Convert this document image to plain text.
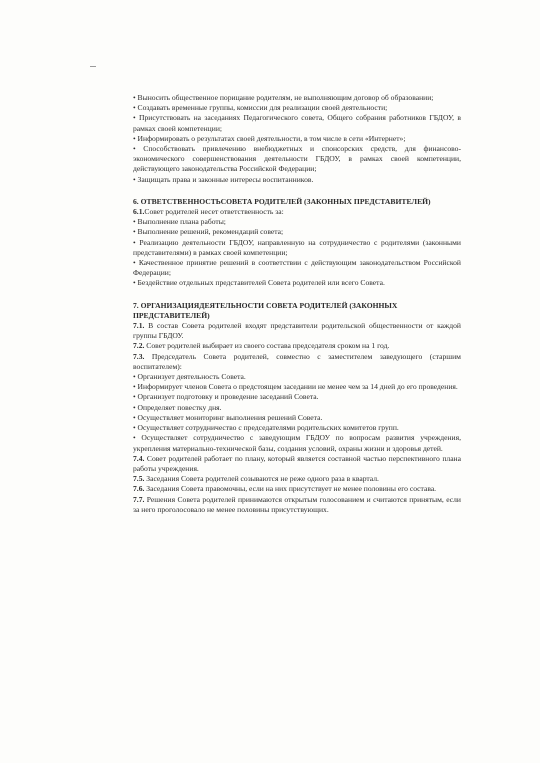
• Выносить общественное порицание родителям, не выполняющим договор об образовании;

• Создавать временные группы, комиссии для реализации своей деятельности;

• Присутствовать на заседаниях Педагогического совета, Общего собрания работников ГБДОУ, в рамках своей компетенции;

• Информировать о результатах своей деятельности, в том числе в сети «Интернет»;

• Способствовать привлечению внебюджетных и спонсорских средств, для финансово-экономического совершенствования деятельности ГБДОУ, в рамках своей компетенции, действующего законодательства Российской Федерации;

• Защищать права и законные интересы воспитанников.

6. ОТВЕТСТВЕННОСТЬСОВЕТА РОДИТЕЛЕЙ (ЗАКОННЫХ ПРЕДСТАВИТЕЛЕЙ)

6.1.Совет родителей несет ответственность за:

• Выполнение плана работы;

• Выполнение решений, рекомендаций совета;

• Реализацию деятельности ГБДОУ, направленную на сотрудничество с родителями (законными представителями) в рамках своей компетенции;

• Качественное принятие решений в соответствии с действующим законодательством Российской Федерации;

• Бездействие отдельных представителей Совета родителей или всего Совета.

7. ОРГАНИЗАЦИЯДЕЯТЕЛЬНОСТИ СОВЕТА РОДИТЕЛЕЙ (ЗАКОННЫХ ПРЕДСТАВИТЕЛЕЙ)

7.1. В состав Совета родителей входят представители родительской общественности от каждой группы ГБДОУ.

7.2. Совет родителей выбирает из своего состава председателя сроком на 1 год.

7.3. Председатель Совета родителей, совместно с заместителем заведующего (старшим воспитателем):

• Организует деятельность Совета.

• Информирует членов Совета о предстоящем заседании не менее чем за 14 дней до его проведения.

• Организует подготовку и проведение заседаний Совета.

• Определяет повестку дня.

• Осуществляет мониторинг выполнения решений Совета.

• Осуществляет сотрудничество с председателями родительских комитетов групп.

• Осуществляет сотрудничество с заведующим ГБДОУ по вопросам развития учреждения, укрепления материально-технической базы, создания условий, охраны жизни и здоровья детей.

7.4. Совет родителей работает по плану, который является составной частью перспективного плана работы учреждения.

7.5. Заседания Совета родителей созываются не реже одного раза в квартал.

7.6. Заседания Совета правомочны, если на них присутствует не менее половины его состава.

7.7. Решения Совета родителей принимаются открытым голосованием и считаются принятым, если за него проголосовало не менее половины присутствующих.
